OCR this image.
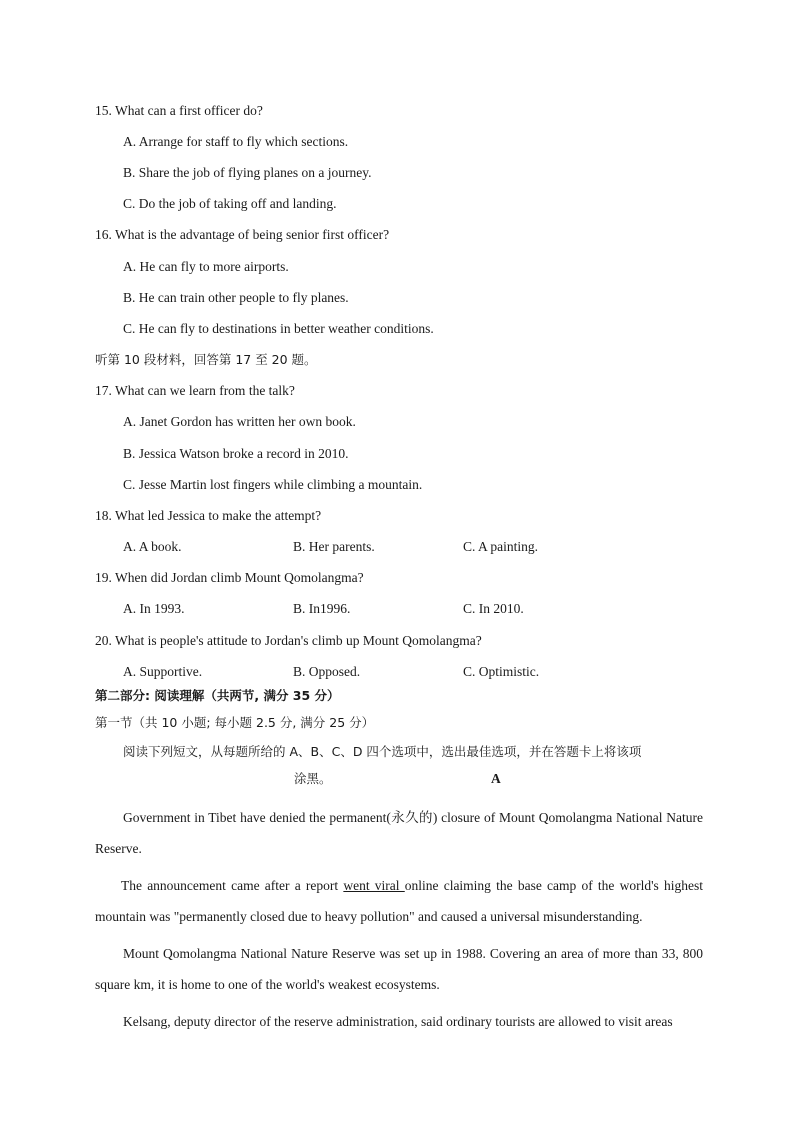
15. What can a first officer do?
A. Arrange for staff to fly which sections.
B. Share the job of flying planes on a journey.
C. Do the job of taking off and landing.
16. What is the advantage of being senior first officer?
A. He can fly to more airports.
B. He can train other people to fly planes.
C. He can fly to destinations in better weather conditions.
听第 10 段材料，回答第 17 至 20 题。
17. What can we learn from the talk?
A. Janet Gordon has written her own book.
B. Jessica Watson broke a record in 2010.
C. Jesse Martin lost fingers while climbing a mountain.
18. What led Jessica to make the attempt?
A. A book.	B. Her parents.	C. A painting.
19. When did Jordan climb Mount Qomolangma?
A. In 1993.	B. In1996.	C. In 2010.
20. What is people's attitude to Jordan's climb up Mount Qomolangma?
A. Supportive.	B. Opposed.	C. Optimistic.
第二部分: 阅读理解（共两节, 满分 35 分）
第一节（共 10 小题; 每小题 2.5 分, 满分 25 分）
阅读下列短文，从每题所给的 A、B、C、D 四个选项中，选出最佳选项，并在答题卡上将该项
涂黑。	A
Government in Tibet have denied the permanent(永久的) closure of Mount Qomolangma National Nature Reserve.
The announcement came after a report went viral online claiming the base camp of the world's highest mountain was "permanently closed due to heavy pollution" and caused a universal misunderstanding.
Mount Qomolangma National Nature Reserve was set up in 1988. Covering an area of more than 33, 800 square km, it is home to one of the world's weakest ecosystems.
Kelsang, deputy director of the reserve administration, said ordinary tourists are allowed to visit areas
